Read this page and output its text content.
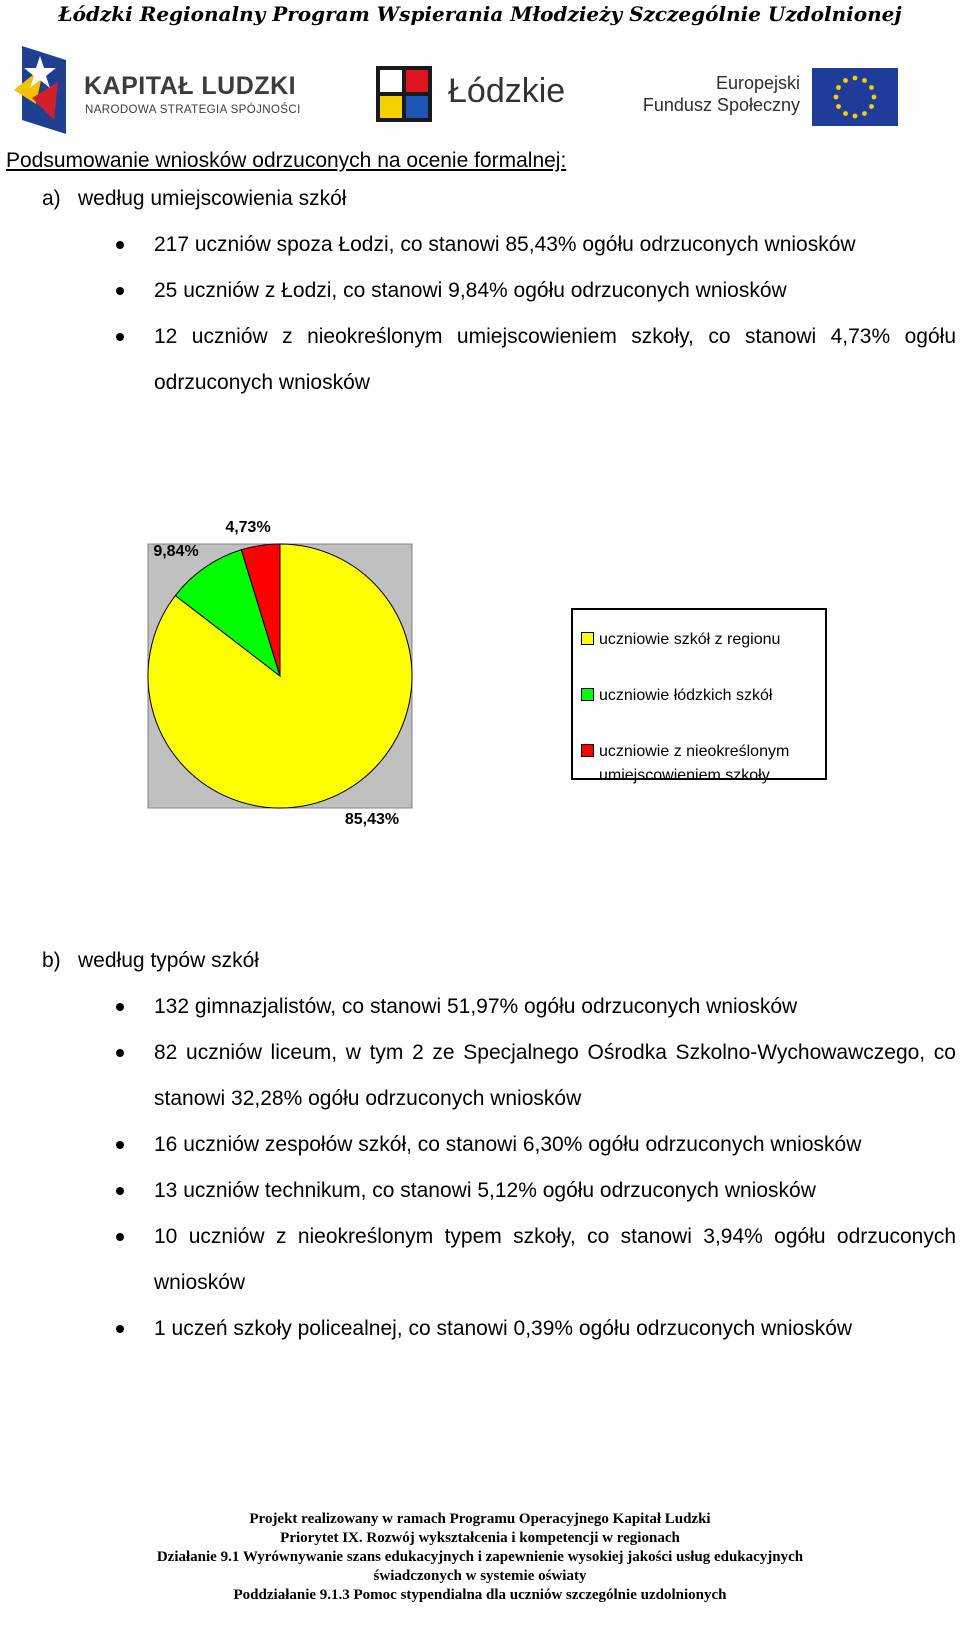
Łódzki Regionalny Program Wspierania Młodzieży Szczególnie Uzdolnionej
KAPITAŁ LUDZKI
NARODOWA STRATEGIA SPÓJNOŚCI	Łódzkie	Europejski
Fundusz Społeczny
Podsumowanie wniosków odrzuconych na ocenie formalnej:
a) według umiejscowienia szkół
217 uczniów spoza Łodzi, co stanowi 85,43% ogółu odrzuconych wniosków
25 uczniów z Łodzi, co stanowi 9,84% ogółu odrzuconych wniosków
12 uczniów z nieokreślonym umiejscowieniem szkoły, co stanowi 4,73% ogółu odrzuconych wniosków
85,43%
9,84%
4,73%
uczniowie szkół z regionu
uczniowie łódzkich szkół
uczniowie z nieokreślonym umiejscowieniem szkoły
b) według typów szkół
132 gimnazjalistów, co stanowi 51,97% ogółu odrzuconych wniosków
82 uczniów liceum, w tym 2 ze Specjalnego Ośrodka Szkolno-Wychowawczego, co stanowi 32,28% ogółu odrzuconych wniosków
16 uczniów zespołów szkół, co stanowi 6,30% ogółu odrzuconych wniosków
13 uczniów technikum, co stanowi 5,12% ogółu odrzuconych wniosków
10 uczniów z nieokreślonym typem szkoły, co stanowi 3,94% ogółu odrzuconych wniosków
1 uczeń szkoły policealnej, co stanowi 0,39% ogółu odrzuconych wniosków
Projekt realizowany w ramach Programu Operacyjnego Kapitał Ludzki
Priorytet IX. Rozwój wykształcenia i kompetencji w regionach
Działanie 9.1 Wyrównywanie szans edukacyjnych i zapewnienie wysokiej jakości usług edukacyjnych
świadczonych w systemie oświaty
Poddziałanie 9.1.3 Pomoc stypendialna dla uczniów szczególnie uzdolnionych
